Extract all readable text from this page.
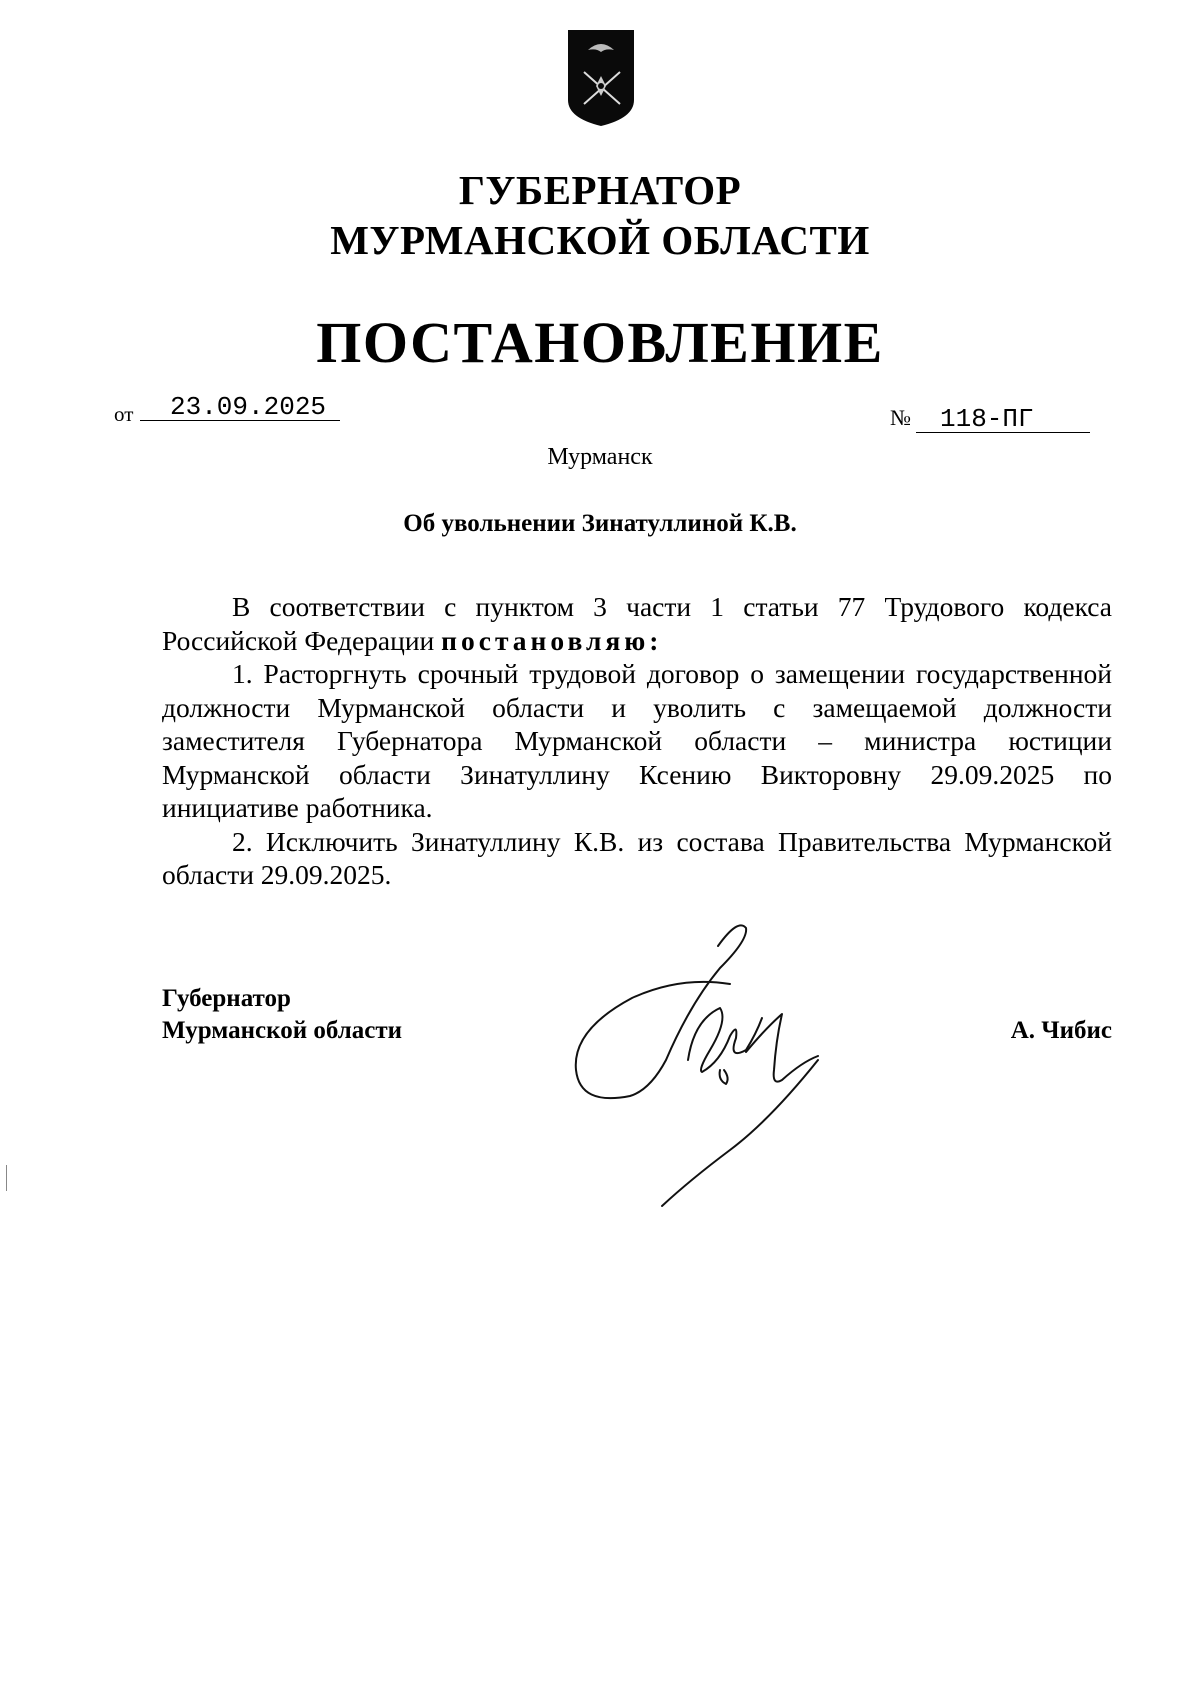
ГУБЕРНАТОР
МУРМАНСКОЙ ОБЛАСТИ
ПОСТАНОВЛЕНИЕ
от 23.09.2025	№ 118-ПГ
Мурманск
Об увольнении Зинатуллиной К.В.

В соответствии с пунктом 3 части 1 статьи 77 Трудового кодекса Российской Федерации постановляю:

1. Расторгнуть срочный трудовой договор о замещении государственной должности Мурманской области и уволить с замещаемой должности заместителя Губернатора Мурманской области – министра юстиции Мурманской области Зинатуллину Ксению Викторовну 29.09.2025 по инициативе работника.

2. Исключить Зинатуллину К.В. из состава Правительства Мурманской области 29.09.2025.

Губернатор
Мурманской области	А. Чибис
